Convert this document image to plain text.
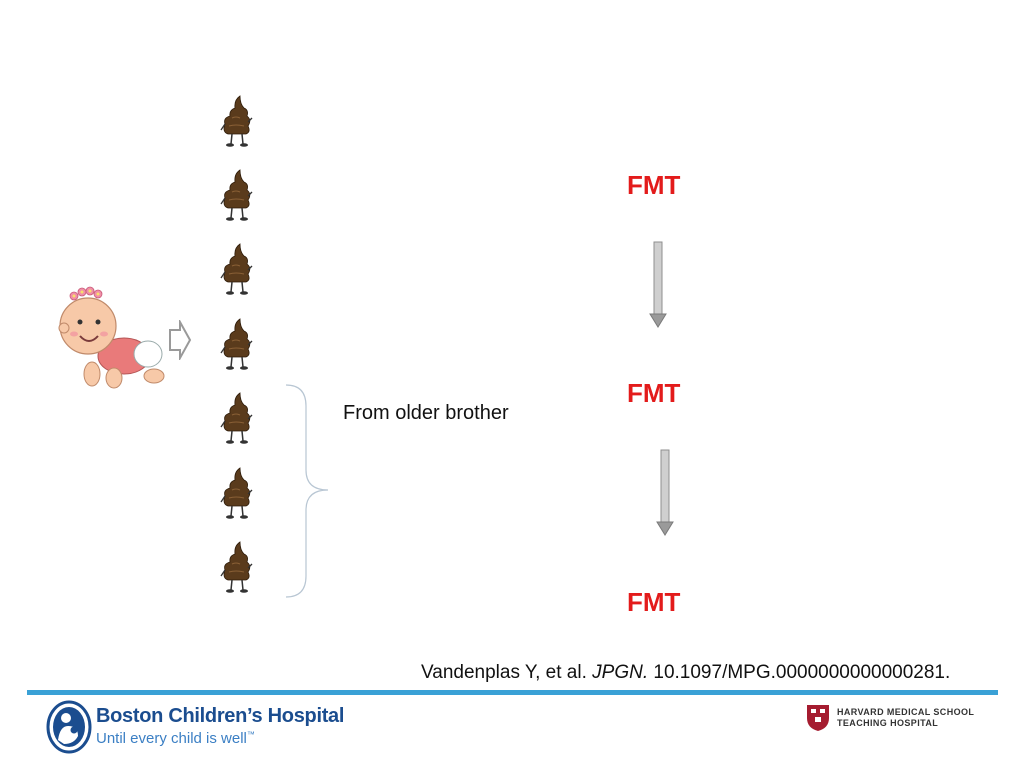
From older brother
FMT
FMT
FMT
Vandenplas Y, et al. JPGN. 10.1097/MPG.0000000000000281.
Boston Children’s Hospital
Until every child is well™
HARVARD MEDICAL SCHOOL
TEACHING HOSPITAL
